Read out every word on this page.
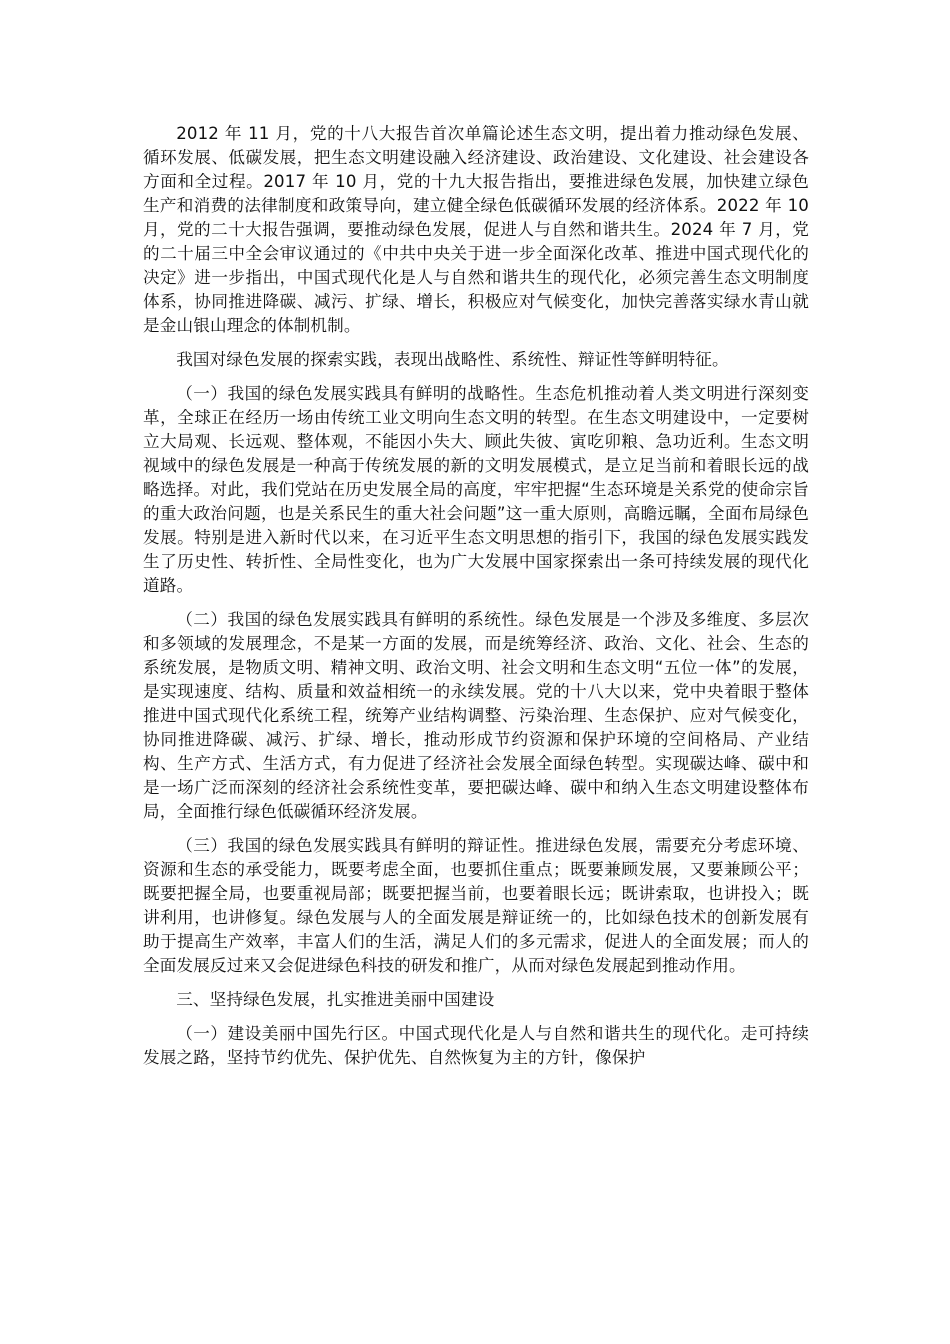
2012 年 11 月，党的十八大报告首次单篇论述生态文明，提出着力推动绿色发展、循环发展、低碳发展，把生态文明建设融入经济建设、政治建设、文化建设、社会建设各方面和全过程。2017 年 10 月，党的十九大报告指出，要推进绿色发展，加快建立绿色生产和消费的法律制度和政策导向，建立健全绿色低碳循环发展的经济体系。2022 年 10 月，党的二十大报告强调，要推动绿色发展，促进人与自然和谐共生。2024 年 7 月，党的二十届三中全会审议通过的《中共中央关于进一步全面深化改革、推进中国式现代化的决定》进一步指出，中国式现代化是人与自然和谐共生的现代化，必须完善生态文明制度体系，协同推进降碳、减污、扩绿、增长，积极应对气候变化，加快完善落实绿水青山就是金山银山理念的体制机制。

我国对绿色发展的探索实践，表现出战略性、系统性、辩证性等鲜明特征。

（一）我国的绿色发展实践具有鲜明的战略性。生态危机推动着人类文明进行深刻变革，全球正在经历一场由传统工业文明向生态文明的转型。在生态文明建设中，一定要树立大局观、长远观、整体观，不能因小失大、顾此失彼、寅吃卯粮、急功近利。生态文明视域中的绿色发展是一种高于传统发展的新的文明发展模式，是立足当前和着眼长远的战略选择。对此，我们党站在历史发展全局的高度，牢牢把握“生态环境是关系党的使命宗旨的重大政治问题，也是关系民生的重大社会问题”这一重大原则，高瞻远瞩，全面布局绿色发展。特别是进入新时代以来，在习近平生态文明思想的指引下，我国的绿色发展实践发生了历史性、转折性、全局性变化，也为广大发展中国家探索出一条可持续发展的现代化道路。

（二）我国的绿色发展实践具有鲜明的系统性。绿色发展是一个涉及多维度、多层次和多领域的发展理念，不是某一方面的发展，而是统筹经济、政治、文化、社会、生态的系统发展，是物质文明、精神文明、政治文明、社会文明和生态文明“五位一体”的发展，是实现速度、结构、质量和效益相统一的永续发展。党的十八大以来，党中央着眼于整体推进中国式现代化系统工程，统筹产业结构调整、污染治理、生态保护、应对气候变化，协同推进降碳、减污、扩绿、增长，推动形成节约资源和保护环境的空间格局、产业结构、生产方式、生活方式，有力促进了经济社会发展全面绿色转型。实现碳达峰、碳中和是一场广泛而深刻的经济社会系统性变革，要把碳达峰、碳中和纳入生态文明建设整体布局，全面推行绿色低碳循环经济发展。

（三）我国的绿色发展实践具有鲜明的辩证性。推进绿色发展，需要充分考虑环境、资源和生态的承受能力，既要考虑全面，也要抓住重点；既要兼顾发展，又要兼顾公平；既要把握全局，也要重视局部；既要把握当前，也要着眼长远；既讲索取，也讲投入；既讲利用，也讲修复。绿色发展与人的全面发展是辩证统一的，比如绿色技术的创新发展有助于提高生产效率，丰富人们的生活，满足人们的多元需求，促进人的全面发展；而人的全面发展反过来又会促进绿色科技的研发和推广，从而对绿色发展起到推动作用。

三、坚持绿色发展，扎实推进美丽中国建设

（一）建设美丽中国先行区。中国式现代化是人与自然和谐共生的现代化。走可持续发展之路，坚持节约优先、保护优先、自然恢复为主的方针，像保护
